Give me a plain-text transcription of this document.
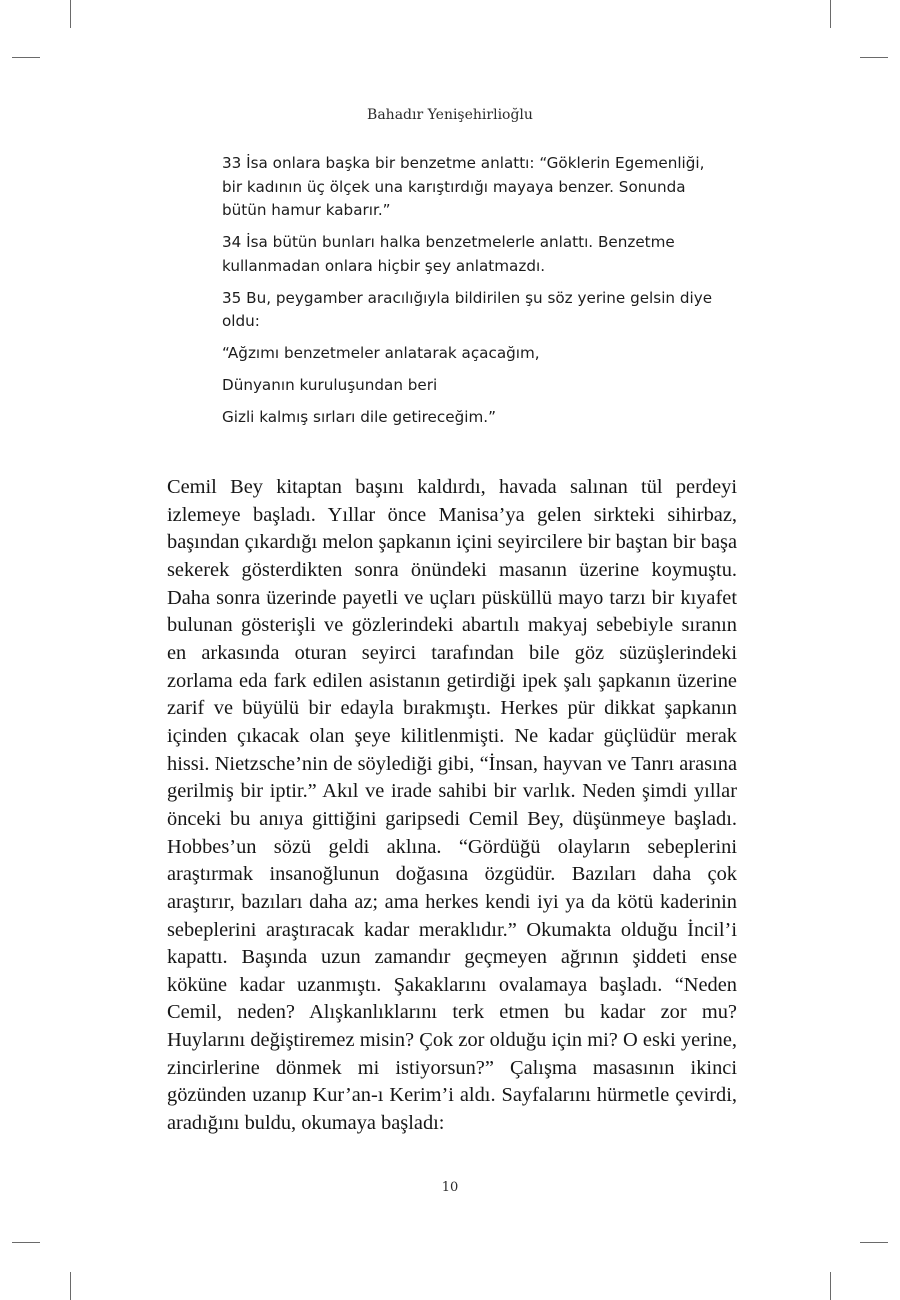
Bahadır Yenişehirlioğlu

33 İsa onlara başka bir benzetme anlattı: “Göklerin Egemenliği, bir kadının üç ölçek una karıştırdığı mayaya benzer. Sonunda bütün hamur kabarır.”

34 İsa bütün bunları halka benzetmelerle anlattı. Benzetme kullanmadan onlara hiçbir şey anlatmazdı.

35 Bu, peygamber aracılığıyla bildirilen şu söz yerine gelsin diye oldu:

“Ağzımı benzetmeler anlatarak açacağım,

Dünyanın kuruluşundan beri

Gizli kalmış sırları dile getireceğim.”

Cemil Bey kitaptan başını kaldırdı, havada salınan tül perdeyi izlemeye başladı. Yıllar önce Manisa’ya gelen sirkteki sihirbaz, başından çıkardığı melon şapkanın içini seyircilere bir baştan bir başa sekerek gösterdikten sonra önündeki masanın üzerine koymuştu. Daha sonra üzerinde payetli ve uçları püsküllü mayo tarzı bir kıyafet bulunan gösterişli ve gözlerindeki abartılı makyaj sebebiyle sıranın en arkasında oturan seyirci tarafından bile göz süzüşlerindeki zorlama eda fark edilen asistanın getirdiği ipek şalı şapkanın üzerine zarif ve büyülü bir edayla bırakmıştı. Herkes pür dikkat şapkanın içinden çıkacak olan şeye kilitlenmişti. Ne kadar güçlüdür merak hissi. Nietzsche’nin de söylediği gibi, “İnsan, hayvan ve Tanrı arasına gerilmiş bir iptir.” Akıl ve irade sahibi bir varlık. Neden şimdi yıllar önceki bu anıya gittiğini garipsedi Cemil Bey, düşünmeye başladı. Hobbes’un sözü geldi aklına. “Gördüğü olayların sebeplerini araştırmak insanoğlunun doğasına özgüdür. Bazıları daha çok araştırır, bazıları daha az; ama herkes kendi iyi ya da kötü kaderinin sebeplerini araştıracak kadar meraklıdır.” Okumakta olduğu İncil’i kapattı. Başında uzun zamandır geçmeyen ağrının şiddeti ense köküne kadar uzanmıştı. Şakaklarını ovalamaya başladı. “Neden Cemil, neden? Alışkanlıklarını terk etmen bu kadar zor mu? Huylarını değiştiremez misin? Çok zor olduğu için mi? O eski yerine, zincirlerine dönmek mi istiyorsun?” Çalışma masasının ikinci gözünden uzanıp Kur’an-ı Kerim’i aldı. Sayfalarını hürmetle çevirdi, aradığını buldu, okumaya başladı:

10
